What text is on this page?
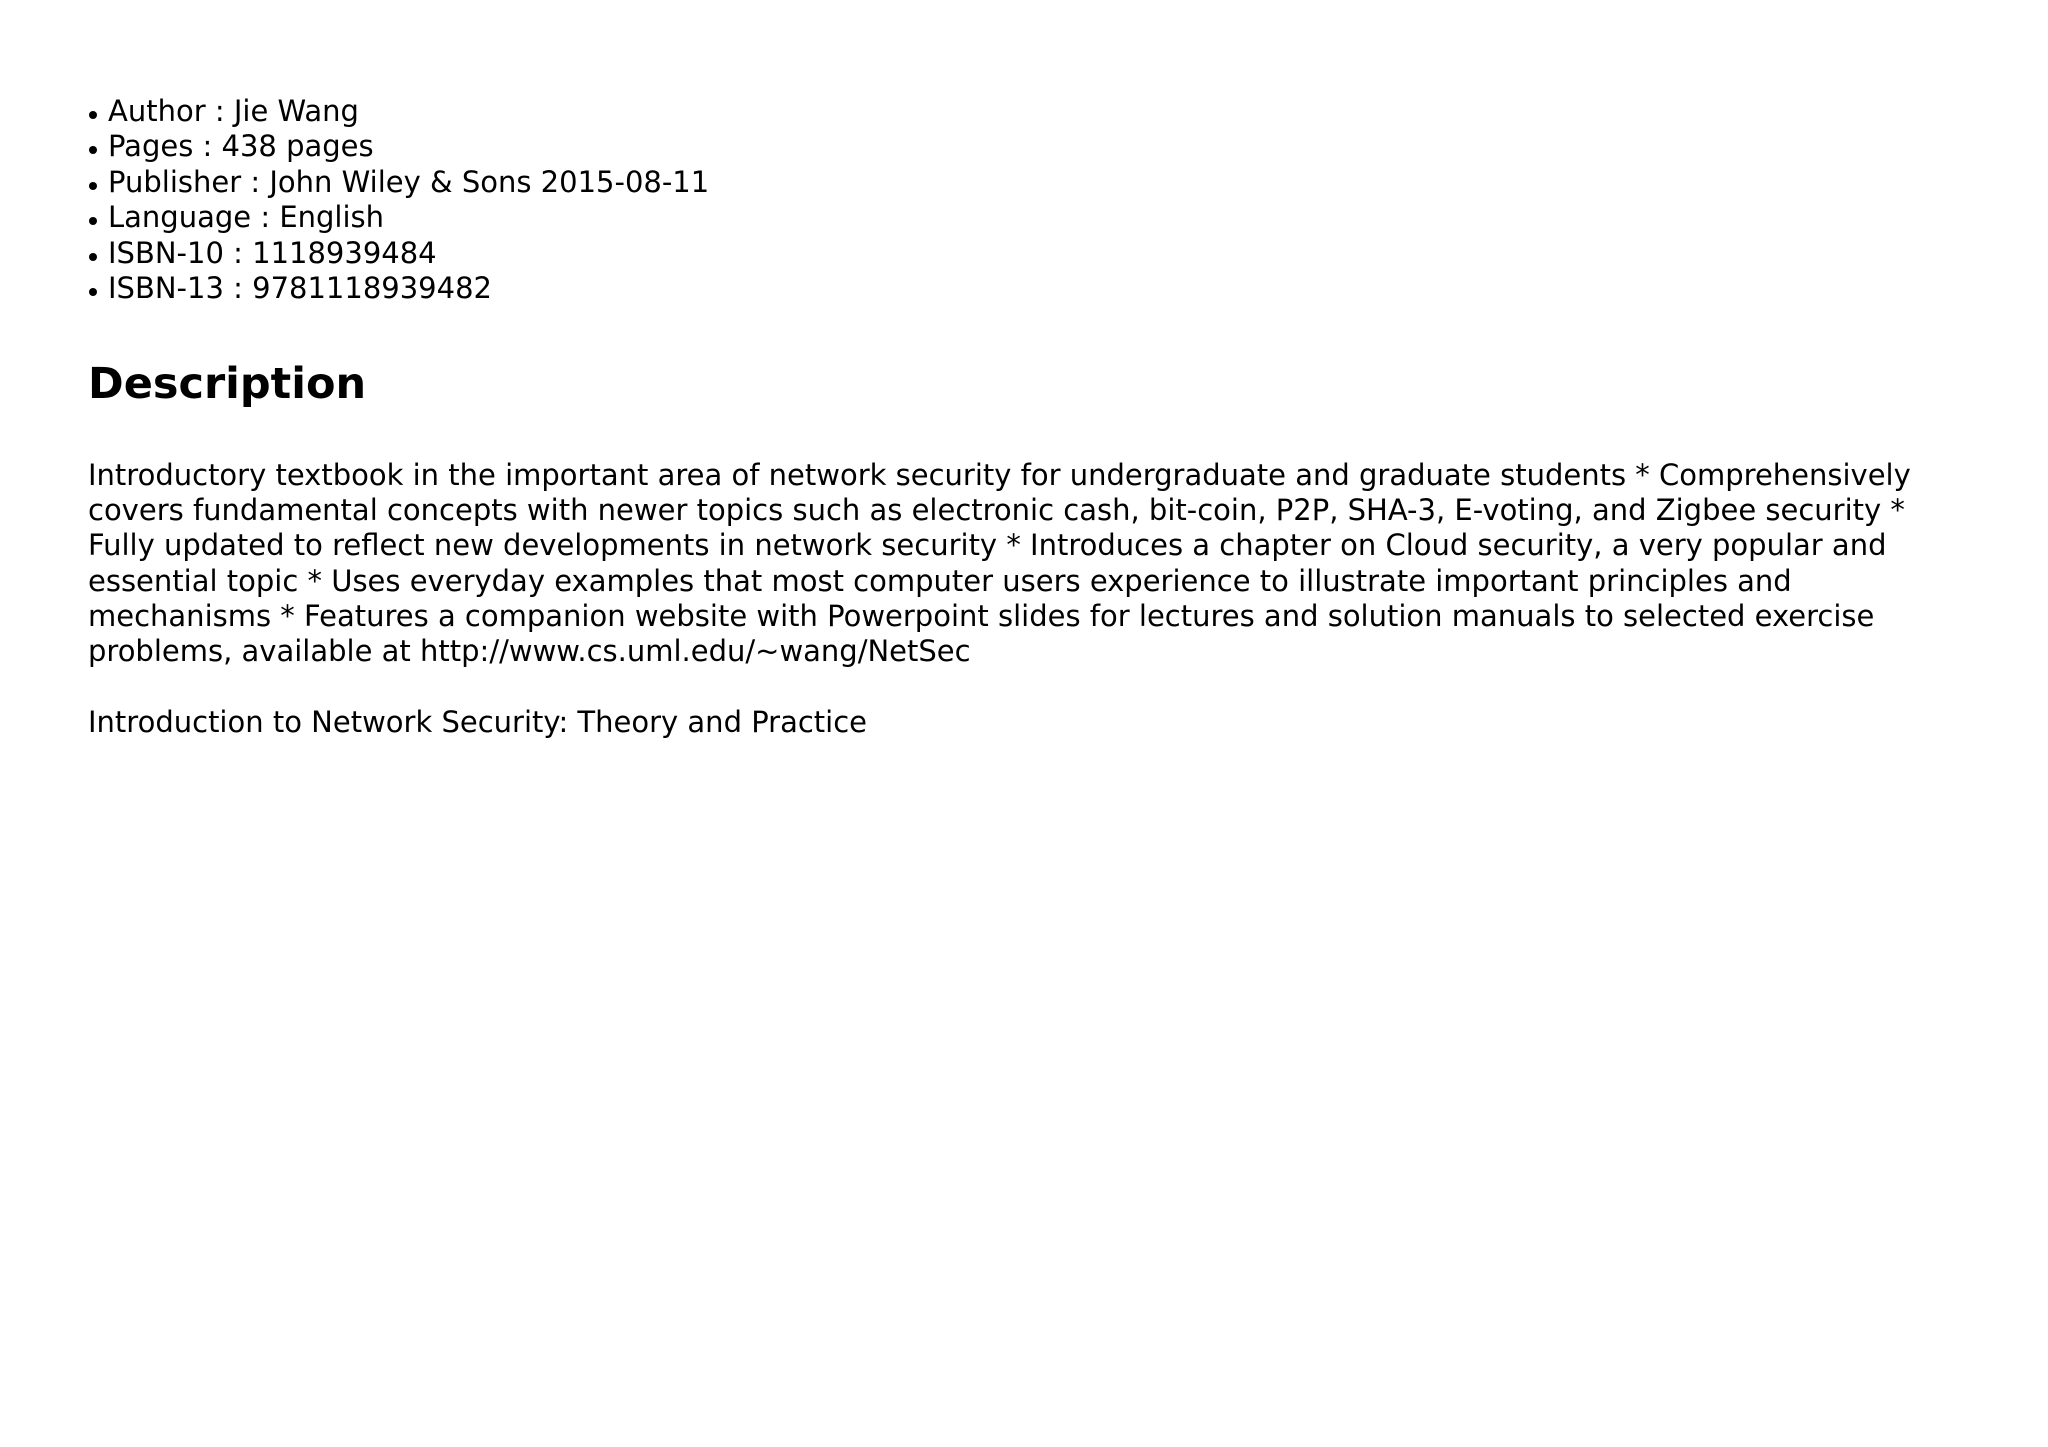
Author : Jie Wang
Pages : 438 pages
Publisher : John Wiley & Sons 2015-08-11
Language : English
ISBN-10 : 1118939484
ISBN-13 : 9781118939482
Description

Introductory textbook in the important area of network security for undergraduate and graduate students * Comprehensively
covers fundamental concepts with newer topics such as electronic cash, bit-coin, P2P, SHA-3, E-voting, and Zigbee security *
Fully updated to reflect new developments in network security * Introduces a chapter on Cloud security, a very popular and
essential topic * Uses everyday examples that most computer users experience to illustrate important principles and
mechanisms * Features a companion website with Powerpoint slides for lectures and solution manuals to selected exercise
problems, available at http://www.cs.uml.edu/~wang/NetSec

Introduction to Network Security: Theory and Practice
